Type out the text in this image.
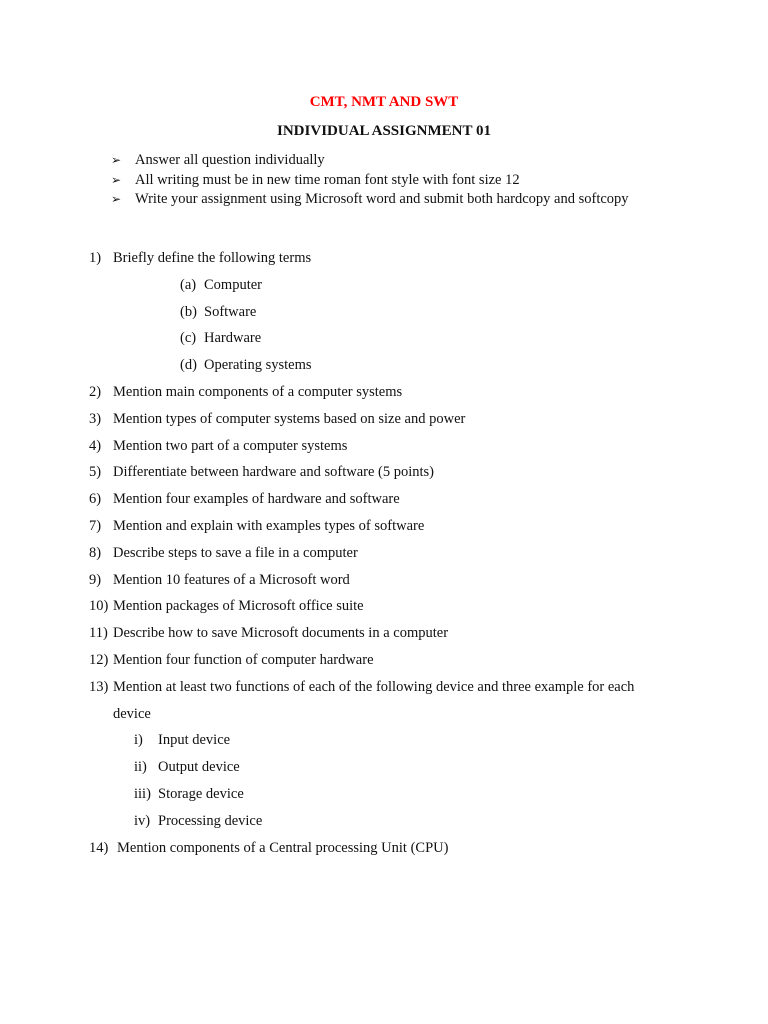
CMT, NMT AND SWT
INDIVIDUAL ASSIGNMENT 01
➢ Answer all question individually
➢ All writing must be in new time roman font style with font size 12
➢ Write your assignment using Microsoft word and submit both hardcopy and softcopy
1) Briefly define the following terms
(a) Computer
(b) Software
(c) Hardware
(d) Operating systems
2) Mention main components of a computer systems
3) Mention types of computer systems based on size and power
4) Mention two part of a computer systems
5) Differentiate between hardware and software (5 points)
6) Mention four examples of hardware and software
7) Mention and explain with examples types of software
8) Describe steps to save a file in a computer
9) Mention 10 features of a Microsoft word
10) Mention packages of Microsoft office suite
11) Describe how to save Microsoft documents in a computer
12) Mention four function of computer hardware
13) Mention at least two functions of each of the following device and three example for each
device
i) Input device
ii) Output device
iii) Storage device
iv) Processing device
14) Mention components of a Central processing Unit (CPU)
